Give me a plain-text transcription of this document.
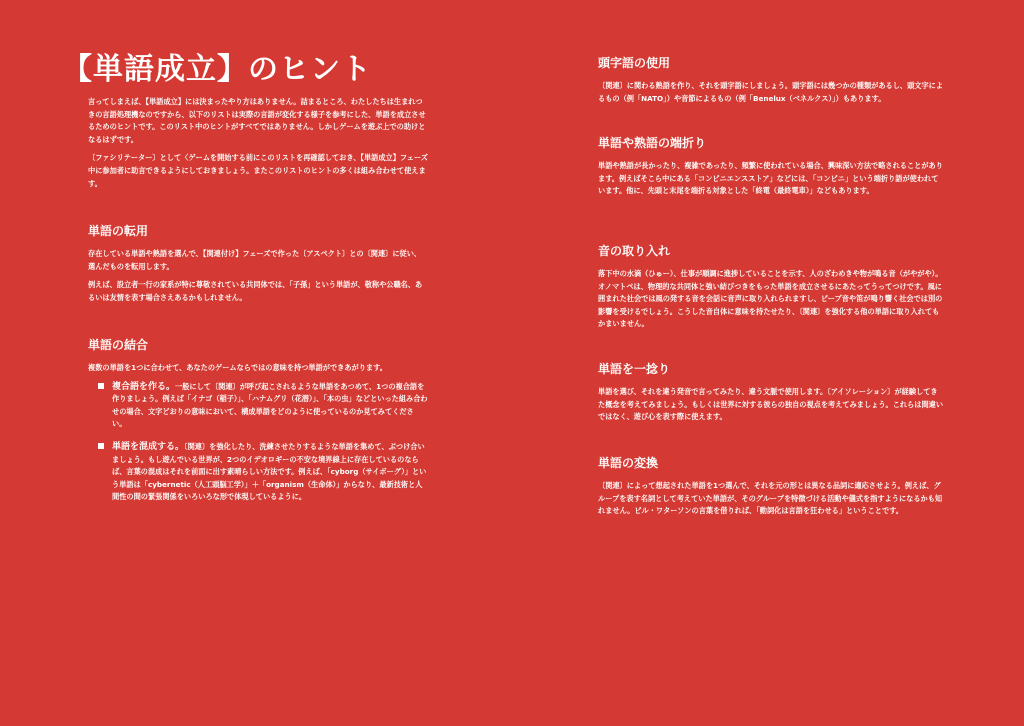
【単語成立】のヒント

言ってしまえば、【単語成立】には決まったやり方はありません。詰まるところ、わたしたちは生まれつきの言語処理機なのですから、以下のリストは実際の言語が変化する様子を参考にした、単語を成立させるためのヒントです。このリスト中のヒントがすべてではありません。しかしゲームを遊ぶ上での助けとなるはずです。

〔ファシリテーター〕として〈ゲームを開始する前にこのリストを再確認しておき、【単語成立】フェーズ中に参加者に助言できるようにしておきましょう。またこのリストのヒントの多くは組み合わせて使えます。

単語の転用

存在している単語や熟語を選んで、【関連付け】フェーズで作った〔アスペクト〕との〔関連〕に従い、選んだものを転用します。

例えば、設立者一行の家系が特に尊敬されている共同体では、「子孫」という単語が、敬称や公職名、あるいは友情を表す場合さえあるかもしれません。

単語の結合

複数の単語を1つに合わせて、あなたのゲームならではの意味を持つ単語ができあがります。

複合語を作る。一般にして〔関連〕が呼び起こされるような単語をあつめて、1つの複合語を作りましょう。例えば「イナゴ（稲子）」、「ハナムグリ（花潜）」、「本の虫」などといった組み合わせの場合、文字どおりの意味において、構成単語をどのように使っているのか見てみてください。
単語を混成する。〔関連〕を強化したり、洗練させたりするような単語を集めて、ぶつけ合いましょう。もし遊んでいる世界が、2つのイデオロギーの不安な境界線上に存在しているのならば、言葉の混成はそれを前面に出す素晴らしい方法です。例えば、「cyborg（サイボーグ）」という単語は「cybernetic（人工頭脳工学）」＋「organism（生命体）」からなり、最新技術と人間性の間の緊張関係をいろいろな形で体現しているように。
頭字語の使用

〔関連〕に関わる熟語を作り、それを頭字語にしましょう。頭字語には幾つかの種類があるし、頭文字によるもの（例「NATO」）や音節によるもの（例「Benelux（ベネルクス）」）もあります。

単語や熟語の端折り

単語や熟語が長かったり、複雑であったり、頻繁に使われている場合、興味深い方法で略されることがあります。例えばそこら中にある「コンビニエンスストア」などには、「コンビニ」という端折り語が使われています。他に、先頭と末尾を端折る対象とした「終電（最終電車）」などもあります。

音の取り入れ

落下中の水滴（ひゅー）、仕事が順調に進捗していることを示す、人のざわめきや物が鳴る音（がやがや）。オノマトペは、物理的な共同体と強い結びつきをもった単語を成立させるにあたってうってつけです。風に囲まれた社会では風の発する音を会話に音声に取り入れられますし、ビープ音や笛が鳴り響く社会では別の影響を受けるでしょう。こうした音自体に意味を持たせたり、〔関連〕を強化する他の単語に取り入れてもかまいません。

単語を一捻り

単語を選び、それを違う発音で言ってみたり、違う文脈で使用します。〔アイソレーション〕が経験してきた概念を考えてみましょう。もしくは世界に対する彼らの独自の視点を考えてみましょう。これらは間違いではなく、遊び心を表す際に使えます。

単語の変換

〔関連〕によって想起された単語を1つ選んで、それを元の形とは異なる品詞に適応させよう。例えば、グループを表す名詞として考えていた単語が、そのグループを特徴づける活動や儀式を指すようになるかも知れません。ビル・ワターソンの言葉を借りれば、「動詞化は言語を狂わせる」ということです。
